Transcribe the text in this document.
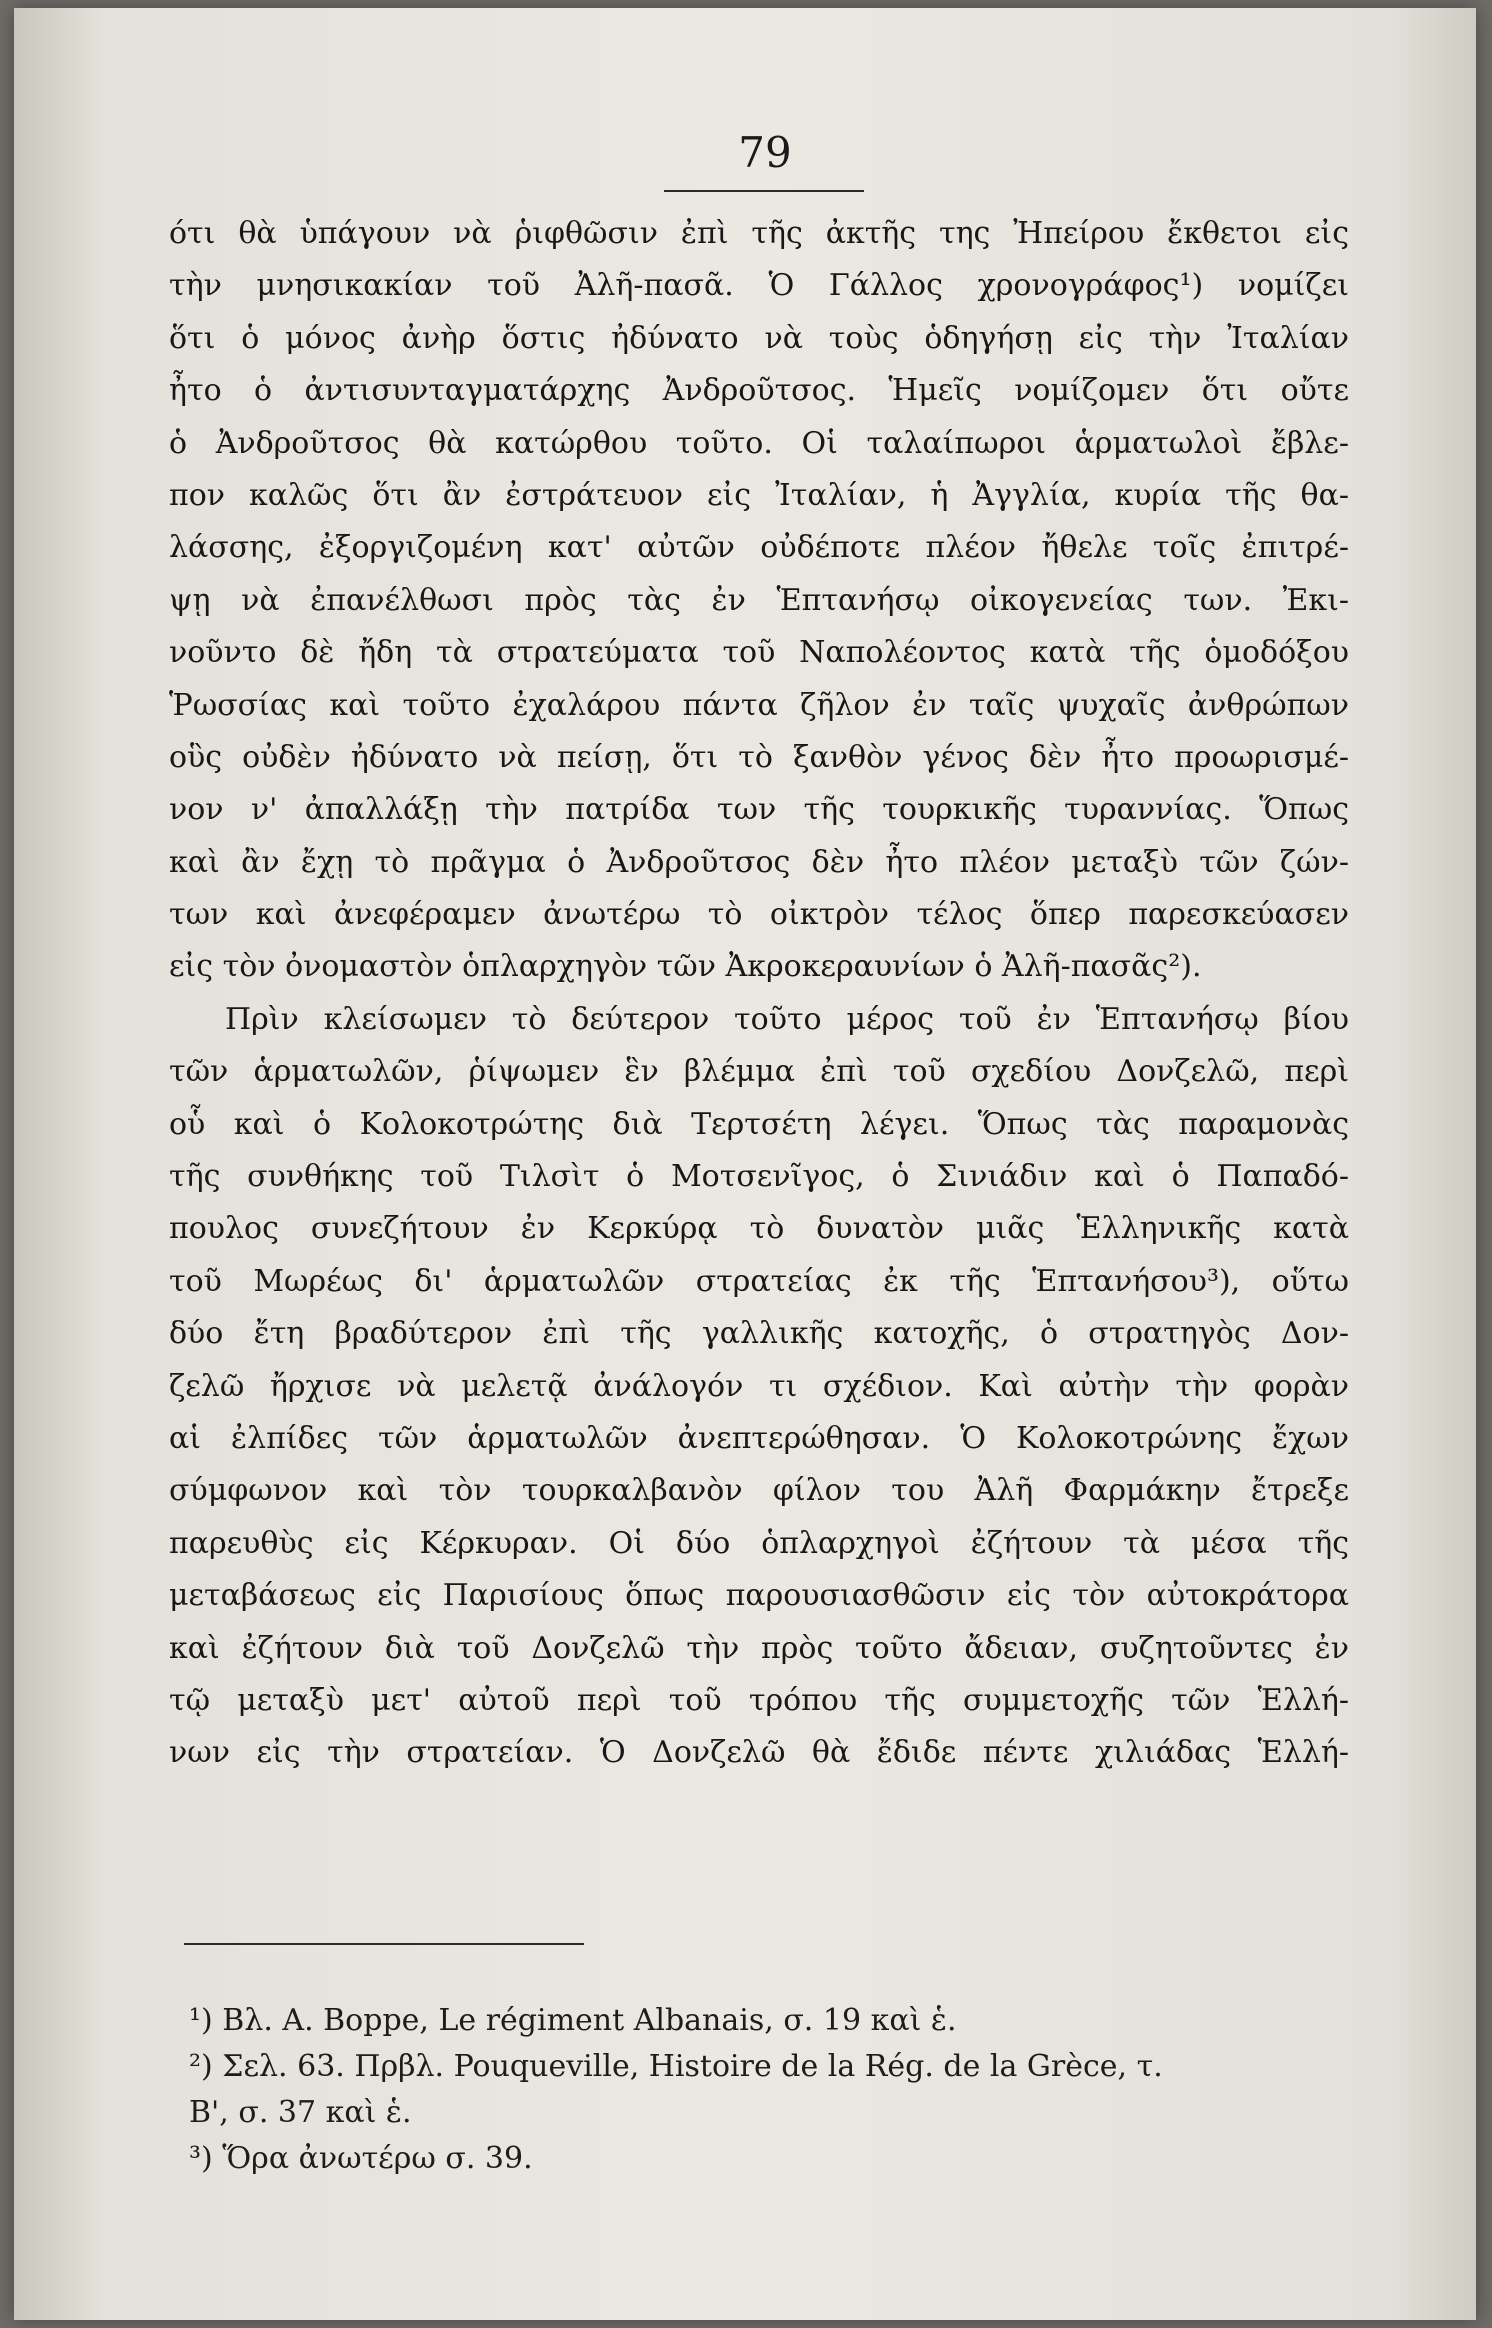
79
ότι θὰ ὑπάγουν νὰ ῥιφθῶσιν ἐπὶ τῆς ἀκτῆς της Ἠπείρου ἔκθετοι εἰς
τὴν μνησικακίαν τοῦ Ἀλῆ-πασᾶ. Ὁ Γάλλος χρονογράφος¹) νομίζει
ὅτι ὁ μόνος ἀνὴρ ὅστις ἠδύνατο νὰ τοὺς ὁδηγήσῃ εἰς τὴν Ἰταλίαν
ἦτο ὁ ἀντισυνταγματάρχης Ἀνδροῦτσος. Ἡμεῖς νομίζομεν ὅτι οὔτε
ὁ Ἀνδροῦτσος θὰ κατώρθου τοῦτο. Οἱ ταλαίπωροι ἁρματωλοὶ ἔβλε-
πον καλῶς ὅτι ἂν ἐστράτευον εἰς Ἰταλίαν, ἡ Ἀγγλία, κυρία τῆς θα-
λάσσης, ἐξοργιζομένη κατ' αὐτῶν οὐδέποτε πλέον ἤθελε τοῖς ἐπιτρέ-
ψῃ νὰ ἐπανέλθωσι πρὸς τὰς ἐν Ἑπτανήσῳ οἰκογενείας των. Ἐκι-
νοῦντο δὲ ἤδη τὰ στρατεύματα τοῦ Ναπολέοντος κατὰ τῆς ὁμοδόξου
Ῥωσσίας καὶ τοῦτο ἐχαλάρου πάντα ζῆλον ἐν ταῖς ψυχαῖς ἀνθρώπων
οὓς οὐδὲν ἠδύνατο νὰ πείσῃ, ὅτι τὸ ξανθὸν γένος δὲν ἦτο προωρισμέ-
νον ν' ἀπαλλάξῃ τὴν πατρίδα των τῆς τουρκικῆς τυραννίας. Ὅπως
καὶ ἂν ἔχῃ τὸ πρᾶγμα ὁ Ἀνδροῦτσος δὲν ἦτο πλέον μεταξὺ τῶν ζών-
των καὶ ἀνεφέραμεν ἀνωτέρω τὸ οἰκτρὸν τέλος ὅπερ παρεσκεύασεν
εἰς τὸν ὀνομαστὸν ὁπλαρχηγὸν τῶν Ἀκροκεραυνίων ὁ Ἀλῆ-πασᾶς²).
Πρὶν κλείσωμεν τὸ δεύτερον τοῦτο μέρος τοῦ ἐν Ἑπτανήσῳ βίου
τῶν ἁρματωλῶν, ῥίψωμεν ἓν βλέμμα ἐπὶ τοῦ σχεδίου Δονζελῶ, περὶ
οὗ καὶ ὁ Κολοκοτρώτης διὰ Τερτσέτη λέγει. Ὅπως τὰς παραμονὰς
τῆς συνθήκης τοῦ Τιλσὶτ ὁ Μοτσενῖγος, ὁ Σινιάδιν καὶ ὁ Παπαδό-
πουλος συνεζήτουν ἐν Κερκύρᾳ τὸ δυνατὸν μιᾶς Ἑλληνικῆς κατὰ
τοῦ Μωρέως δι' ἁρματωλῶν στρατείας ἐκ τῆς Ἑπτανήσου³), οὕτω
δύο ἔτη βραδύτερον ἐπὶ τῆς γαλλικῆς κατοχῆς, ὁ στρατηγὸς Δον-
ζελῶ ἤρχισε νὰ μελετᾷ ἀνάλογόν τι σχέδιον. Καὶ αὐτὴν τὴν φορὰν
αἱ ἐλπίδες τῶν ἁρματωλῶν ἀνεπτερώθησαν. Ὁ Κολοκοτρώνης ἔχων
σύμφωνον καὶ τὸν τουρκαλβανὸν φίλον του Ἀλῆ Φαρμάκην ἔτρεξε
παρευθὺς εἰς Κέρκυραν. Οἱ δύο ὁπλαρχηγοὶ ἐζήτουν τὰ μέσα τῆς
μεταβάσεως εἰς Παρισίους ὅπως παρουσιασθῶσιν εἰς τὸν αὐτοκράτορα
καὶ ἐζήτουν διὰ τοῦ Δονζελῶ τὴν πρὸς τοῦτο ἄδειαν, συζητοῦντες ἐν
τῷ μεταξὺ μετ' αὐτοῦ περὶ τοῦ τρόπου τῆς συμμετοχῆς τῶν Ἑλλή-
νων εἰς τὴν στρατείαν. Ὁ Δονζελῶ θὰ ἔδιδε πέντε χιλιάδας Ἑλλή-
¹) Βλ. A. Boppe, Le régiment Albanais, σ. 19 καὶ ἑ.
²) Σελ. 63. Πρβλ. Pouqueville, Histoire de la Rég. de la Grèce, τ.
Β', σ. 37 καὶ ἑ.
³) Ὅρα ἀνωτέρω σ. 39.
